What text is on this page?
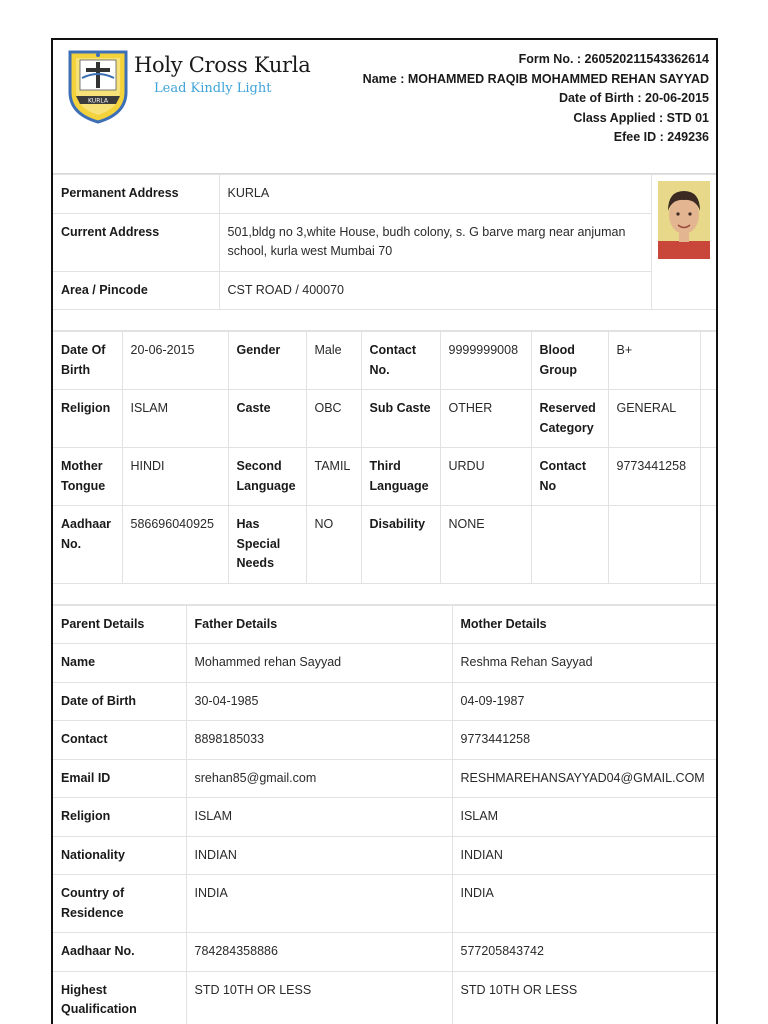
KURLA
Holy Cross Kurla
Lead Kindly Light
Form No. : 260520211543362614
Name : MOHAMMED RAQIB MOHAMMED REHAN SAYYAD
Date of Birth : 20-06-2015
Class Applied : STD 01
Efee ID : 249236
Permanent Address	KURLA	
Current Address	501,bldg no 3,white House, budh colony, s. G barve marg near anjuman school, kurla west Mumbai 70	
Area / Pincode	CST ROAD / 400070	
Date Of Birth	20-06-2015	Gender	Male	Contact No.	9999999008	Blood Group	B+	
Religion	ISLAM	Caste	OBC	Sub Caste	OTHER	Reserved Category	GENERAL	
Mother Tongue	HINDI	Second Language	TAMIL	Third Language	URDU	Contact No	9773441258	
Aadhaar No.	586696040925	Has Special Needs	NO	Disability	NONE			
Parent Details	Father Details	Mother Details
Name	Mohammed rehan Sayyad	Reshma Rehan Sayyad
Date of Birth	30-04-1985	04-09-1987
Contact	8898185033	9773441258
Email ID	srehan85@gmail.com	RESHMAREHANSAYYAD04@GMAIL.COM
Religion	ISLAM	ISLAM
Nationality	INDIAN	INDIAN
Country of Residence	INDIA	INDIA
Aadhaar No.	784284358886	577205843742
Highest Qualification	STD 10TH OR LESS	STD 10TH OR LESS
